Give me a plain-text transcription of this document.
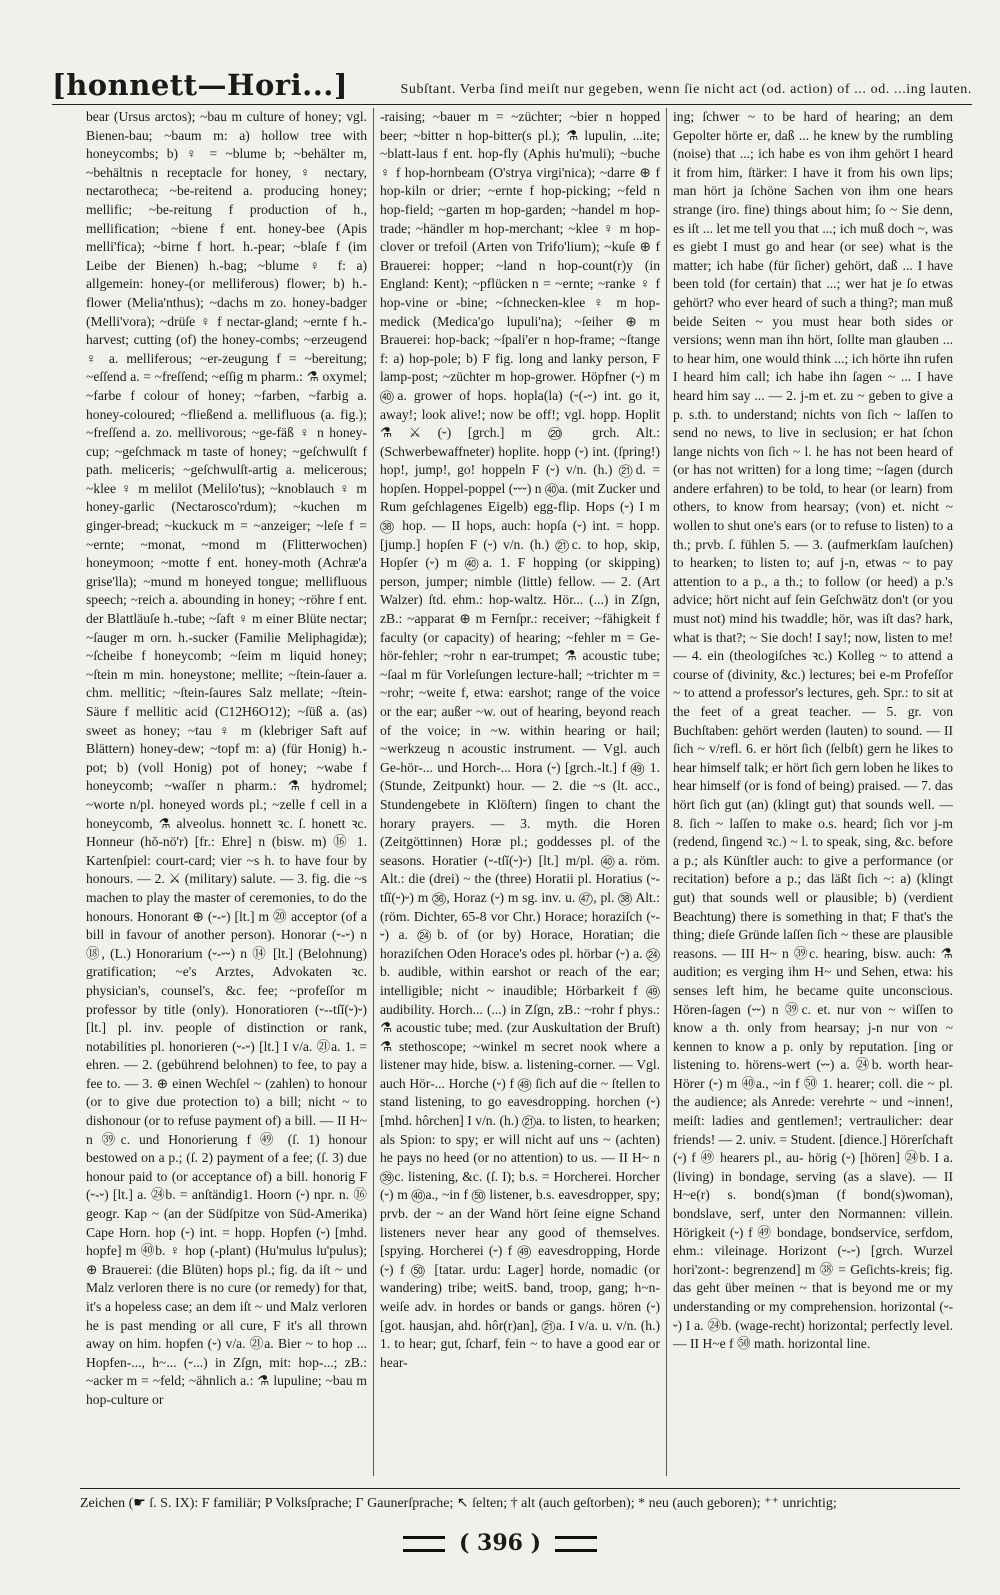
[honnett—Hori...]	Subſtant. Verba ſind meiſt nur gegeben, wenn ſie nicht act (od. action) of ... od. ...ing lauten.

bear (Ursus arctos); ~bau m culture of honey; vgl. Bienen-bau; ~baum m: a) hollow tree with honeycombs; b) ♀ = ~blume b; ~behälter m, ~behältnis n receptacle for honey, ♀ nectary, nectarotheca; ~be-reitend a. producing honey; mellific; ~be-reitung f production of h., mellification; ~biene f ent. honey-bee (Apis melli'fica); ~birne f hort. h.-pear; ~blaſe f (im Leibe der Bienen) h.-bag; ~blume ♀ f: a) allgemein: honey-(or melliferous) flower; b) h.-flower (Melia'nthus); ~dachs m zo. honey-badger (Melli'vora); ~drüſe ♀ f nectar-gland; ~ernte f h.-harvest; cutting (of) the honey-combs; ~erzeugend ♀ a. melliferous; ~er-zeugung f = ~bereitung; ~eſſend a. = ~freſſend; ~eſſig m pharm.: ⚗ oxymel; ~farbe f colour of honey; ~farben, ~farbig a. honey-coloured; ~fließend a. mellifluous (a. fig.); ~freſſend a. zo. mellivorous; ~ge-fäß ♀ n honey-cup; ~geſchmack m taste of honey; ~geſchwulſt f path. meliceris; ~geſchwulſt-artig a. melicerous; ~klee ♀ m melilot (Melilo'tus); ~knoblauch ♀ m honey-garlic (Nectarosco'rdum); ~kuchen m ginger-bread; ~kuckuck m = ~anzeiger; ~leſe f = ~ernte; ~monat, ~mond m (Flitterwochen) honeymoon; ~motte f ent. honey-moth (Achræ'a grise'lla); ~mund m honeyed tongue; mellifluous speech; ~reich a. abounding in honey; ~röhre f ent. der Blattläuſe h.-tube; ~ſaft ♀ m einer Blüte nectar; ~ſauger m orn. h.-sucker (Familie Meliphagidæ); ~ſcheibe f honeycomb; ~ſeim m liquid honey; ~ſtein m min. honeystone; mellite; ~ſtein-ſauer a. chm. mellitic; ~ſtein-ſaures Salz mellate; ~ſtein-Säure f mellitic acid (C12H6O12); ~ſüß a. (as) sweet as honey; ~tau ♀ m (klebriger Saft auf Blättern) honey-dew; ~topf m: a) (für Honig) h.-pot; b) (voll Honig) pot of honey; ~wabe f honeycomb; ~waſſer n pharm.: ⚗ hydromel; ~worte n/pl. honeyed words pl.; ~zelle f cell in a honeycomb, ⚗ alveolus. honnett ꝛc. ſ. honett ꝛc. Honneur (hŏ-nö'r) [fr.: Ehre] n (bisw. m) ⑯ 1. Kartenſpiel: court-card; vier ~s h. to have four by honours. — 2. ⚔ (military) salute. — 3. fig. die ~s machen to play the master of ceremonies, to do the honours. Honorant ⊕ (⏑-⏑) [lt.] m ⑳ acceptor (of a bill in favour of another person). Honorar (⏑-⏑) n ⑱, (L.) Honorarium (⏑-⏑⏑) n ⑭ [lt.] (Belohnung) gratification; ~e's Arztes, Advokaten ꝛc. physician's, counsel's, &c. fee; ~profeſſor m professor by title (only). Honoratioren (⏑--tſĭ(⏑)⏑) [lt.] pl. inv. people of distinction or rank, notabilities pl. honorieren (⏑-⏑) [lt.] I v/a. ㉑a. 1. = ehren. — 2. (gebührend belohnen) to fee, to pay a fee to. — 3. ⊕ einen Wechſel ~ (zahlen) to honour (or to give due protection to) a bill; nicht ~ to dishonour (or to refuse payment of) a bill. — II H~ n ㊴c. und Honorierung f ㊾ (ſ. 1) honour bestowed on a p.; (ſ. 2) payment of a fee; (ſ. 3) due honour paid to (or acceptance of) a bill. honorig F (⏑-⏑) [lt.] a. ㉔b. = anſtändig1. Hoorn (⏑) npr. n. ⑯ geogr. Kap ~ (an der Südſpitze von Süd-Amerika) Cape Horn. hop (⏑) int. = hopp. Hopfen (⏑) [mhd. hopfe] m ㊵b. ♀ hop (-plant) (Hu'mulus lu'pulus); ⊕ Brauerei: (die Blüten) hops pl.; fig. da iſt ~ und Malz verloren there is no cure (or remedy) for that, it's a hopeless case; an dem iſt ~ und Malz verloren he is past mending or all cure, F it's all thrown away on him. hopfen (⏑) v/a. ㉑a. Bier ~ to hop ... Hopfen-..., h~... (⏑...) in Zſgn, mit: hop-...; zB.: ~acker m = ~feld; ~ähnlich a.: ⚗ lupuline; ~bau m hop-culture or

-raising; ~bauer m = ~züchter; ~bier n hopped beer; ~bitter n hop-bitter(s pl.); ⚗ lupulin, ...ite; ~blatt-laus f ent. hop-fly (Aphis hu'muli); ~buche ♀ f hop-hornbeam (O'strya virgi'nica); ~darre ⊕ f hop-kiln or drier; ~ernte f hop-picking; ~feld n hop-field; ~garten m hop-garden; ~handel m hop-trade; ~händler m hop-merchant; ~klee ♀ m hop-clover or trefoil (Arten von Trifo'lium); ~kuſe ⊕ f Brauerei: hopper; ~land n hop-count(r)y (in England: Kent); ~pflücken n = ~ernte; ~ranke ♀ f hop-vine or -bine; ~ſchnecken-klee ♀ m hop-medick (Medica'go lupuli'na); ~ſeiher ⊕ m Brauerei: hop-back; ~ſpali'er n hop-frame; ~ſtange f: a) hop-pole; b) F fig. long and lanky person, F lamp-post; ~züchter m hop-grower. Höpfner (⏑) m ㊵a. grower of hops. hopla(la) (⏑(-⏑) int. go it, away!; look alive!; now be off!; vgl. hopp. Hoplit ⚗ ⚔ (⏑) [grch.] m ⑳ grch. Alt.: (Schwerbewaffneter) hoplite. hopp (⏑) int. (ſpring!) hop!, jump!, go! hoppeln F (⏑) v/n. (h.) ㉑d. = hopſen. Hoppel-poppel (⏑⏑⏑) n ㊵a. (mit Zucker und Rum geſchlagenes Eigelb) egg-flip. Hops (⏑) I m ㊳ hop. — II hops, auch: hopſa (⏑) int. = hopp. [jump.] hopſen F (⏑) v/n. (h.) ㉑c. to hop, skip, Hopſer (⏑) m ㊵a. 1. F hopping (or skipping) person, jumper; nimble (little) fellow. — 2. (Art Walzer) ſtd. ehm.: hop-waltz. Hör... (...) in Zſgn, zB.: ~apparat ⊕ m Fernſpr.: receiver; ~fähigkeit f faculty (or capacity) of hearing; ~fehler m = Ge-hör-fehler; ~rohr n ear-trumpet; ⚗ acoustic tube; ~ſaal m für Vorleſungen lecture-hall; ~trichter m = ~rohr; ~weite f, etwa: earshot; range of the voice or the ear; außer ~w. out of hearing, beyond reach of the voice; in ~w. within hearing or hail; ~werkzeug n acoustic instrument. — Vgl. auch Ge-hör-... und Horch-... Hora (⏑) [grch.-lt.] f ㊾ 1. (Stunde, Zeitpunkt) hour. — 2. die ~s (lt. acc., Stundengebete in Klöſtern) ſingen to chant the horary prayers. — 3. myth. die Horen (Zeitgöttinnen) Horæ pl.; goddesses pl. of the seasons. Horatier (⏑-tſĭ(⏑)⏑) [lt.] m/pl. ㊵a. röm. Alt.: die (drei) ~ the (three) Horatii pl. Horatius (⏑-tſĭ(⏑)⏑) m ㊱, Horaz (⏑) m sg. inv. u. ㊼, pl. ㊳ Alt.: (röm. Dichter, 65-8 vor Chr.) Horace; horaziſch (⏑-⏑) a. ㉔b. of (or by) Horace, Horatian; die horaziſchen Oden Horace's odes pl. hörbar (⏑) a. ㉔b. audible, within earshot or reach of the ear; intelligible; nicht ~ inaudible; Hörbarkeit f ㊾ audibility. Horch... (...) in Zſgn, zB.: ~rohr f phys.: ⚗ acoustic tube; med. (zur Auskultation der Bruſt) ⚗ stethoscope; ~winkel m secret nook where a listener may hide, bisw. a. listening-corner. — Vgl. auch Hör-... Horche (⏑) f ㊾ ſich auf die ~ ſtellen to stand listening, to go eavesdropping. horchen (⏑) [mhd. hôrchen] I v/n. (h.) ㉑a. to listen, to hearken; als Spion: to spy; er will nicht auf uns ~ (achten) he pays no heed (or no attention) to us. — II H~ n ㊴c. listening, &c. (ſ. I); b.s. = Horcherei. Horcher (⏑) m ㊵a., ~in f ㊿ listener, b.s. eavesdropper, spy; prvb. der ~ an der Wand hört ſeine eigne Schand listeners never hear any good of themselves. [spying. Horcherei (⏑) f ㊾ eavesdropping, Horde (⏑) f ㊿ [tatar. urdu: Lager] horde, nomadic (or wandering) tribe; weitS. band, troop, gang; h~n-weiſe adv. in hordes or bands or gangs. hören (⏑) [got. hausjan, ahd. hôr(r)an], ㉑a. I v/a. u. v/n. (h.) 1. to hear; gut, ſcharf, fein ~ to have a good ear or hear-

ing; ſchwer ~ to be hard of hearing; an dem Gepolter hörte er, daß ... he knew by the rumbling (noise) that ...; ich habe es von ihm gehört I heard it from him, ſtärker: I have it from his own lips; man hört ja ſchöne Sachen von ihm one hears strange (iro. fine) things about him; ſo ~ Sie denn, es iſt ... let me tell you that ...; ich muß doch ~, was es giebt I must go and hear (or see) what is the matter; ich habe (für ſicher) gehört, daß ... I have been told (for certain) that ...; wer hat je ſo etwas gehört? who ever heard of such a thing?; man muß beide Seiten ~ you must hear both sides or versions; wenn man ihn hört, ſollte man glauben ... to hear him, one would think ...; ich hörte ihn rufen I heard him call; ich habe ihn ſagen ~ ... I have heard him say ... — 2. j-m et. zu ~ geben to give a p. s.th. to understand; nichts von ſich ~ laſſen to send no news, to live in seclusion; er hat ſchon lange nichts von ſich ~ l. he has not been heard of (or has not written) for a long time; ~ſagen (durch andere erfahren) to be told, to hear (or learn) from others, to know from hearsay; (von) et. nicht ~ wollen to shut one's ears (or to refuse to listen) to a th.; prvb. ſ. fühlen 5. — 3. (aufmerkſam lauſchen) to hearken; to listen to; auf j-n, etwas ~ to pay attention to a p., a th.; to follow (or heed) a p.'s advice; hört nicht auf ſein Geſchwätz don't (or you must not) mind his twaddle; hör, was iſt das? hark, what is that?; ~ Sie doch! I say!; now, listen to me! — 4. ein (theologiſches ꝛc.) Kolleg ~ to attend a course of (divinity, &c.) lectures; bei e-m Profeſſor ~ to attend a professor's lectures, geh. Spr.: to sit at the feet of a great teacher. — 5. gr. von Buchſtaben: gehört werden (lauten) to sound. — II ſich ~ v/refl. 6. er hört ſich (ſelbſt) gern he likes to hear himself talk; er hört ſich gern loben he likes to hear himself (or is fond of being) praised. — 7. das hört ſich gut (an) (klingt gut) that sounds well. — 8. ſich ~ laſſen to make o.s. heard; ſich vor j-m (redend, ſingend ꝛc.) ~ l. to speak, sing, &c. before a p.; als Künſtler auch: to give a performance (or recitation) before a p.; das läßt ſich ~: a) (klingt gut) that sounds well or plausible; b) (verdient Beachtung) there is something in that; F that's the thing; dieſe Gründe laſſen ſich ~ these are plausible reasons. — III H~ n ㊴c. hearing, bisw. auch: ⚗ audition; es verging ihm H~ und Sehen, etwa: his senses left him, he became quite unconscious. Hören-ſagen (⏑⏑) n ㊴c. et. nur von ~ wiſſen to know a th. only from hearsay; j-n nur von ~ kennen to know a p. only by reputation. [ing or listening to. hörens-wert (⏑⏑) a. ㉔b. worth hear- Hörer (⏑) m ㊵a., ~in f ㊿ 1. hearer; coll. die ~ pl. the audience; als Anrede: verehrte ~ und ~innen!, meiſt: ladies and gentlemen!; vertraulicher: dear friends! — 2. univ. = Student. [dience.] Hörerſchaft (⏑) f ㊾ hearers pl., au- hörig (⏑) [hören] ㉔b. I a. (living) in bondage, serving (as a slave). — II H~e(r) s. bond(s)man (f bond(s)woman), bondslave, serf, unter den Normannen: villein. Hörigkeit (⏑) f ㊾ bondage, bondservice, serfdom, ehm.: vileinage. Horizont (⏑-⏑) [grch. Wurzel hori'zont-: begrenzend] m ㊳ = Geſichts-kreis; fig. das geht über meinen ~ that is beyond me or my understanding or my comprehension. horizontal (⏑-⏑) I a. ㉔b. (wage-recht) horizontal; perfectly level. — II H~e f ㊿ math. horizontal line.

Zeichen (☛ ſ. S. IX): F familiär; P Volksſprache; Γ Gaunerſprache; ↖ ſelten; † alt (auch geſtorben); * neu (auch geboren); ⁺⁺ unrichtig;
( 396 )
